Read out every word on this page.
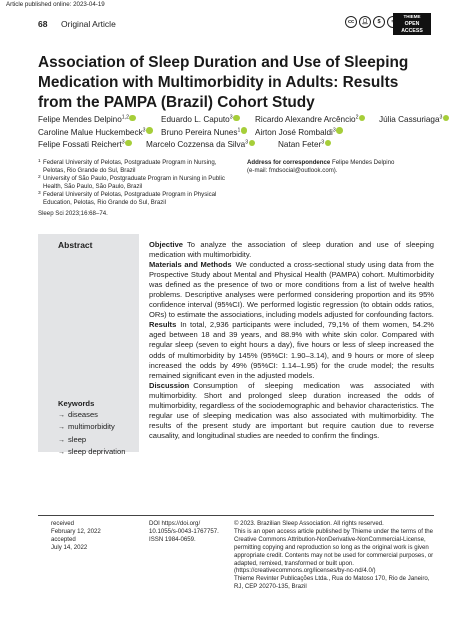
Article published online: 2023-04-19
68 Original Article	cc	👤︎	$
THIEME
OPEN
ACCESS
Association of Sleep Duration and Use of Sleeping Medication with Multimorbidity in Adults: Results from the PAMPA (Brazil) Cohort Study
Felipe Mendes Delpino$^{1,2}$	Eduardo L. Caputo$^3$	Ricardo Alexandre Arcêncio$^2$	Júlia Cassuriaga$^3$
Caroline Malue Huckembeck$^3$	Bruno Pereira Nunes$^1$	Airton José Rombaldi$^3$
Felipe Fossati Reichert$^3$	Marcelo Cozzensa da Silva$^3$	Natan Feter$^3$
1 Federal University of Pelotas, Postgraduate Program in Nursing, Pelotas, Rio Grande do Sul, Brazil
2 University of São Paulo, Postgraduate Program in Nursing in Public Health, São Paulo, São Paulo, Brazil
3 Federal University of Pelotas, Postgraduate Program in Physical Education, Pelotas, Rio Grande do Sul, Brazil
Address for correspondence Felipe Mendes Delpino
(e-mail: fmdsocial@outlook.com).
Sleep Sci 2023;16:68–74.
Abstract
Keywords
→ diseases
→ multimorbidity
→ sleep
→ sleep deprivation

Objective To analyze the association of sleep duration and use of sleeping medication with multimorbidity.

Materials and Methods We conducted a cross-sectional study using data from the Prospective Study about Mental and Physical Health (PAMPA) cohort. Multimorbidity was defined as the presence of two or more conditions from a list of twelve health problems. Descriptive analyses were performed considering proportion and its 95% confidence interval (95%CI). We performed logistic regression (to obtain odds ratios, ORs) to estimate the associations, including models adjusted for confounding factors.

Results In total, 2,936 participants were included, 79,1% of them women, 54.2% aged between 18 and 39 years, and 88.9% with white skin color. Compared with regular sleep (seven to eight hours a day), five hours or less of sleep increased the odds of multimorbidity by 145% (95%CI: 1.90–3.14), and 9 hours or more of sleep increased the odds by 49% (95%CI: 1.14–1.95) for the crude model; the results remained significant even in the adjusted models.

Discussion Consumption of sleeping medication was associated with multimorbidity. Short and prolonged sleep duration increased the odds of multimorbidity, regardless of the sociodemographic and behavior characteristics. The regular use of sleeping medication was also associated with multimorbidity. The results of the present study are important but require caution due to reverse causality, and longitudinal studies are needed to confirm the findings.

received
February 12, 2022
accepted
July 14, 2022
DOI https://doi.org/
10.1055/s-0043-1767757.
ISSN 1984-0659.
© 2023. Brazilian Sleep Association. All rights reserved.
This is an open access article published by Thieme under the terms of the Creative Commons Attribution-NonDerivative-NonCommercial-License, permitting copying and reproduction so long as the original work is given appropriate credit. Contents may not be used for commercial purposes, or adapted, remixed, transformed or built upon. (https://creativecommons.org/licenses/by-nc-nd/4.0/)
Thieme Revinter Publicações Ltda., Rua do Matoso 170, Rio de Janeiro, RJ, CEP 20270-135, Brazil
